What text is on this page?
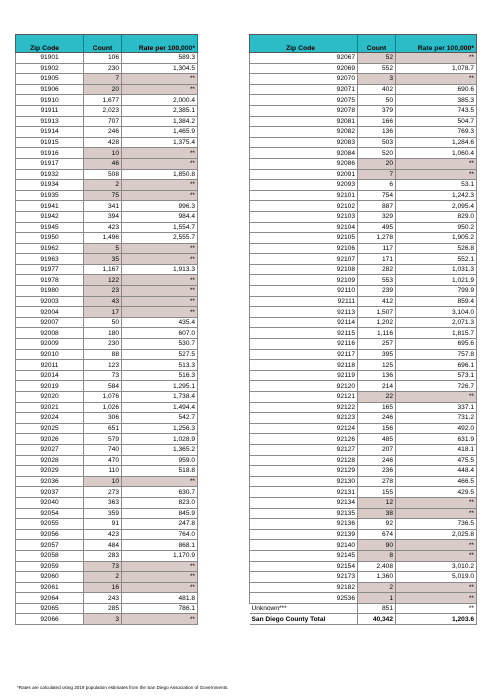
Zip Code	Count	Rate per 100,000*
91901	106	589.3
91902	230	1,304.5
91905	7	**
91906	20	**
91910	1,677	2,000.4
91911	2,023	2,385.1
91913	707	1,384.2
91914	246	1,465.9
91915	428	1,375.4
91916	10	**
91917	46	**
91932	508	1,850.8
91934	2	**
91935	75	**
91941	341	996.3
91942	394	984.4
91945	423	1,554.7
91950	1,496	2,555.7
91962	5	**
91963	35	**
91977	1,167	1,913.3
91978	122	**
91980	23	**
92003	43	**
92004	17	**
92007	50	435.4
92008	180	607.0
92009	230	530.7
92010	88	527.5
92011	123	513.3
92014	73	516.3
92019	584	1,295.1
92020	1,076	1,738.4
92021	1,026	1,494.4
92024	306	542.7
92025	651	1,256.3
92026	579	1,028.9
92027	740	1,365.2
92028	470	959.0
92029	110	518.8
92036	10	**
92037	273	630.7
92040	363	823.0
92054	359	845.9
92055	91	247.8
92056	423	764.0
92057	484	868.1
92058	283	1,170.9
92059	73	**
92060	2	**
92061	16	**
92064	243	481.8
92065	285	786.1
92066	3	**
Zip Code	Count	Rate per 100,000*
92067	52	**
92069	552	1,078.7
92070	3	**
92071	402	690.6
92075	50	385.3
92078	379	743.5
92081	166	504.7
92082	136	769.3
92083	503	1,284.6
92084	520	1,060.4
92086	20	**
92091	7	**
92093	6	53.1
92101	754	1,242.3
92102	887	2,095.4
92103	329	829.0
92104	495	950.2
92105	1,278	1,905.2
92106	117	526.8
92107	171	552.1
92108	282	1,031.3
92109	553	1,021.9
92110	239	799.9
92111	412	859.4
92113	1,507	3,104.0
92114	1,202	2,071.3
92115	1,116	1,815.7
92116	257	695.6
92117	395	757.8
92118	125	696.1
92119	136	573.1
92120	214	726.7
92121	22	**
92122	165	337.1
92123	246	731.2
92124	156	492.0
92126	485	631.9
92127	207	418.1
92128	246	475.5
92129	236	448.4
92130	278	466.5
92131	155	429.5
92134	12	**
92135	38	**
92136	92	736.5
92139	674	2,025.8
92140	90	**
92145	8	**
92154	2,408	3,010.2
92173	1,360	5,019.0
92182	2	**
92536	1	**
Unknown***	851	**
San Diego County Total	40,342	1,203.6
*Rates are calculated using 2019 population estimates from the San Diego Association of Governments.
